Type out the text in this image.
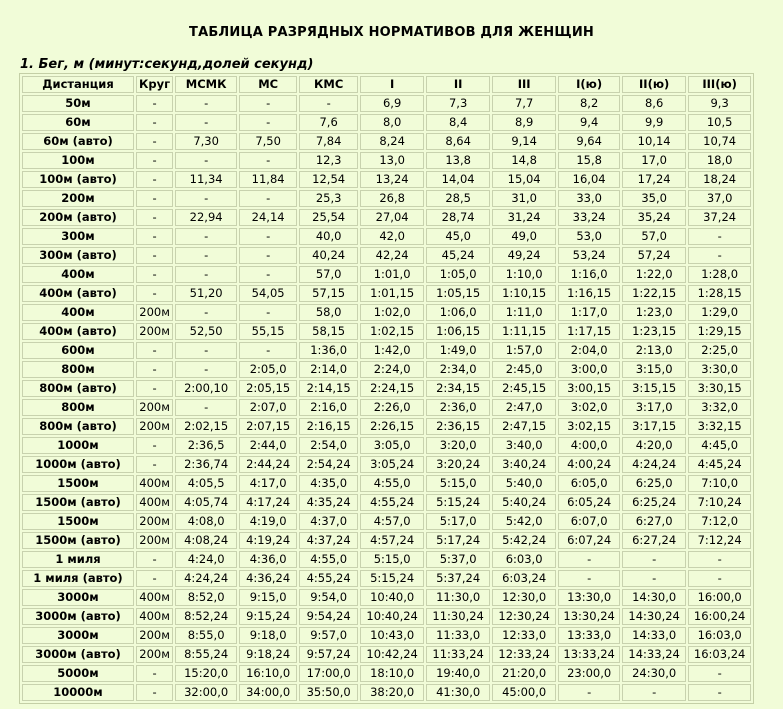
ТАБЛИЦА РАЗРЯДНЫХ НОРМАТИВОВ ДЛЯ ЖЕНЩИН
1. Бег, м (минут:секунд,долей секунд)
Дистанция	Круг	МСМК	МС	КМС	I	II	III	I(ю)	II(ю)	III(ю)
50м	-	-	-	-	6,9	7,3	7,7	8,2	8,6	9,3
60м	-	-	-	7,6	8,0	8,4	8,9	9,4	9,9	10,5
60м (авто)	-	7,30	7,50	7,84	8,24	8,64	9,14	9,64	10,14	10,74
100м	-	-	-	12,3	13,0	13,8	14,8	15,8	17,0	18,0
100м (авто)	-	11,34	11,84	12,54	13,24	14,04	15,04	16,04	17,24	18,24
200м	-	-	-	25,3	26,8	28,5	31,0	33,0	35,0	37,0
200м (авто)	-	22,94	24,14	25,54	27,04	28,74	31,24	33,24	35,24	37,24
300м	-	-	-	40,0	42,0	45,0	49,0	53,0	57,0	-
300м (авто)	-	-	-	40,24	42,24	45,24	49,24	53,24	57,24	-
400м	-	-	-	57,0	1:01,0	1:05,0	1:10,0	1:16,0	1:22,0	1:28,0
400м (авто)	-	51,20	54,05	57,15	1:01,15	1:05,15	1:10,15	1:16,15	1:22,15	1:28,15
400м	200м	-	-	58,0	1:02,0	1:06,0	1:11,0	1:17,0	1:23,0	1:29,0
400м (авто)	200м	52,50	55,15	58,15	1:02,15	1:06,15	1:11,15	1:17,15	1:23,15	1:29,15
600м	-	-	-	1:36,0	1:42,0	1:49,0	1:57,0	2:04,0	2:13,0	2:25,0
800м	-	-	2:05,0	2:14,0	2:24,0	2:34,0	2:45,0	3:00,0	3:15,0	3:30,0
800м (авто)	-	2:00,10	2:05,15	2:14,15	2:24,15	2:34,15	2:45,15	3:00,15	3:15,15	3:30,15
800м	200м	-	2:07,0	2:16,0	2:26,0	2:36,0	2:47,0	3:02,0	3:17,0	3:32,0
800м (авто)	200м	2:02,15	2:07,15	2:16,15	2:26,15	2:36,15	2:47,15	3:02,15	3:17,15	3:32,15
1000м	-	2:36,5	2:44,0	2:54,0	3:05,0	3:20,0	3:40,0	4:00,0	4:20,0	4:45,0
1000м (авто)	-	2:36,74	2:44,24	2:54,24	3:05,24	3:20,24	3:40,24	4:00,24	4:24,24	4:45,24
1500м	400м	4:05,5	4:17,0	4:35,0	4:55,0	5:15,0	5:40,0	6:05,0	6:25,0	7:10,0
1500м (авто)	400м	4:05,74	4:17,24	4:35,24	4:55,24	5:15,24	5:40,24	6:05,24	6:25,24	7:10,24
1500м	200м	4:08,0	4:19,0	4:37,0	4:57,0	5:17,0	5:42,0	6:07,0	6:27,0	7:12,0
1500м (авто)	200м	4:08,24	4:19,24	4:37,24	4:57,24	5:17,24	5:42,24	6:07,24	6:27,24	7:12,24
1 миля	-	4:24,0	4:36,0	4:55,0	5:15,0	5:37,0	6:03,0	-	-	-
1 миля (авто)	-	4:24,24	4:36,24	4:55,24	5:15,24	5:37,24	6:03,24	-	-	-
3000м	400м	8:52,0	9:15,0	9:54,0	10:40,0	11:30,0	12:30,0	13:30,0	14:30,0	16:00,0
3000м (авто)	400м	8:52,24	9:15,24	9:54,24	10:40,24	11:30,24	12:30,24	13:30,24	14:30,24	16:00,24
3000м	200м	8:55,0	9:18,0	9:57,0	10:43,0	11:33,0	12:33,0	13:33,0	14:33,0	16:03,0
3000м (авто)	200м	8:55,24	9:18,24	9:57,24	10:42,24	11:33,24	12:33,24	13:33,24	14:33,24	16:03,24
5000м	-	15:20,0	16:10,0	17:00,0	18:10,0	19:40,0	21:20,0	23:00,0	24:30,0	-
10000м	-	32:00,0	34:00,0	35:50,0	38:20,0	41:30,0	45:00,0	-	-	-
